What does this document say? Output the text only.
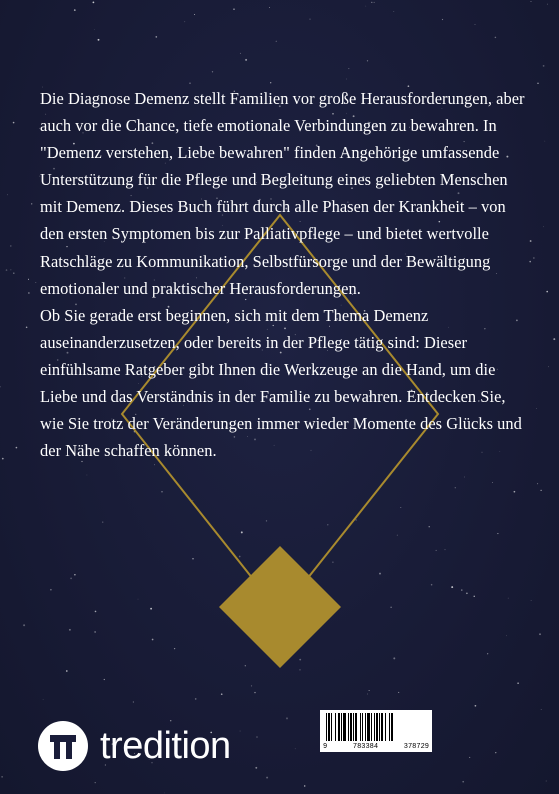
Die Diagnose Demenz stellt Familien vor große Herausforderungen, aber auch vor die Chance, tiefe emotionale Verbindungen zu bewahren. In "Demenz verstehen, Liebe bewahren" finden Angehörige umfassende Unterstützung für die Pflege und Begleitung eines geliebten Menschen mit Demenz. Dieses Buch führt durch alle Phasen der Krankheit – von den ersten Symptomen bis zur Palliativpflege – und bietet wertvolle Ratschläge zu Kommunikation, Selbstfürsorge und der Bewältigung emotionaler und praktischer Herausforderungen.

Ob Sie gerade erst beginnen, sich mit dem Thema Demenz auseinanderzusetzen, oder bereits in der Pflege tätig sind: Dieser einfühlsame Ratgeber gibt Ihnen die Werkzeuge an die Hand, um die Liebe und das Verständnis in der Familie zu bewahren. Entdecken Sie, wie Sie trotz der Veränderungen immer wieder Momente des Glücks und der Nähe schaffen können.

tredition	9	783384	378729
